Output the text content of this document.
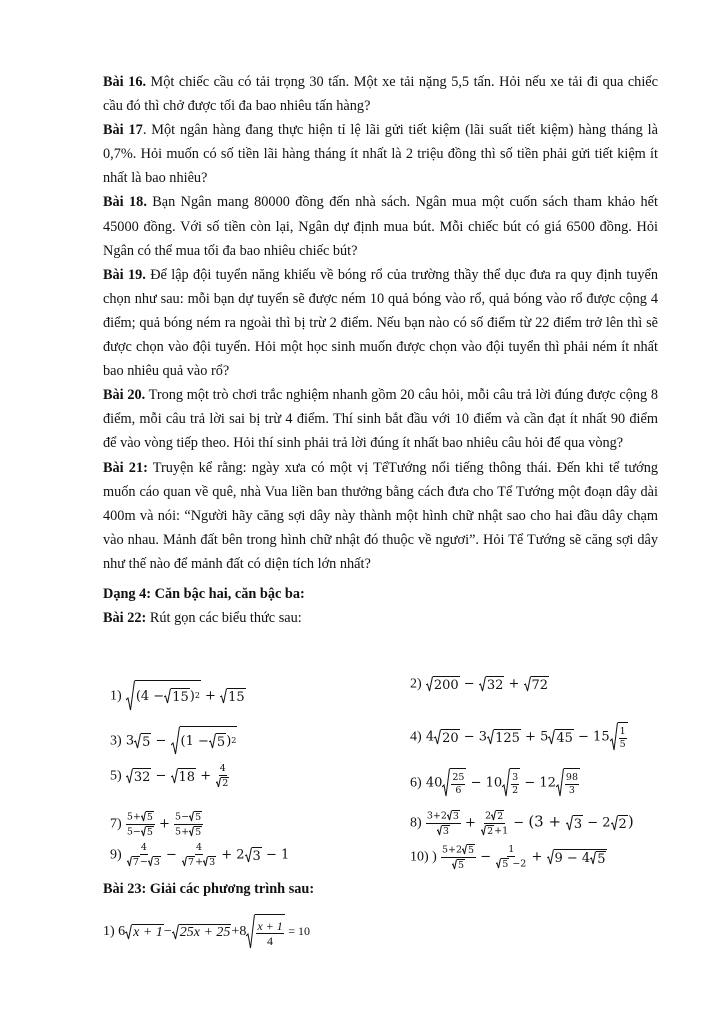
Bài 16. Một chiếc cầu có tải trọng 30 tấn. Một xe tải nặng 5,5 tấn. Hỏi nếu xe tải đi qua chiếc cầu đó thì chở được tối đa bao nhiêu tấn hàng?

Bài 17. Một ngân hàng đang thực hiện tỉ lệ lãi gửi tiết kiệm (lãi suất tiết kiệm) hàng tháng là 0,7%. Hỏi muốn có số tiền lãi hàng tháng ít nhất là 2 triệu đồng thì số tiền phải gửi tiết kiệm ít nhất là bao nhiêu?

Bài 18. Bạn Ngân mang 80000 đồng đến nhà sách. Ngân mua một cuốn sách tham khảo hết 45000 đồng. Với số tiền còn lại, Ngân dự định mua bút. Mỗi chiếc bút có giá 6500 đồng. Hỏi Ngân có thể mua tối đa bao nhiêu chiếc bút?

Bài 19. Để lập đội tuyển năng khiếu về bóng rổ của trường thầy thể dục đưa ra quy định tuyển chọn như sau: mỗi bạn dự tuyển sẽ được ném 10 quả bóng vào rổ, quả bóng vào rổ được cộng 4 điểm; quả bóng ném ra ngoài thì bị trừ 2 điểm. Nếu bạn nào có số điểm từ 22 điểm trở lên thì sẽ được chọn vào đội tuyển. Hỏi một học sinh muốn được chọn vào đội tuyển thì phải ném ít nhất bao nhiêu quả vào rổ?

Bài 20. Trong một trò chơi trắc nghiệm nhanh gồm 20 câu hỏi, mỗi câu trả lời đúng được cộng 8 điểm, mỗi câu trả lời sai bị trừ 4 điểm. Thí sinh bắt đầu với 10 điểm và cần đạt ít nhất 90 điểm để vào vòng tiếp theo. Hỏi thí sinh phải trả lời đúng ít nhất bao nhiêu câu hỏi để qua vòng?

Bài 21: Truyện kể rằng: ngày xưa có một vị TểTướng nổi tiếng thông thái. Đến khi tể tướng muốn cáo quan về quê, nhà Vua liền ban thưởng bằng cách đưa cho Tể Tướng một đoạn dây dài 400m và nói: “Người hãy căng sợi dây này thành một hình chữ nhật sao cho hai đầu dây chạm vào nhau. Mảnh đất bên trong hình chữ nhật đó thuộc về ngươi”. Hỏi Tể Tướng sẽ căng sợi dây như thế nào để mảnh đất có diện tích lớn nhất?

Dạng 4: Căn bậc hai, căn bậc ba:

Bài 22: Rút gọn các biểu thức sau:

1) ( 4 − 15 ) 2 + 15
2) 200 − 32 + 72
3) 3 5 − ( 1 − 5 ) 2	4) 4 20 − 3 125 + 5 $45 - 15 \frac{1}{5}$
5) $32 - 18 + \frac{4}{2}$	6) $40 \frac{25}{6} - 10 \frac{3}{2} - 12 \frac{98}{3}$
$7) \frac{5+ 5}{5- 5} + \frac{5- 5}{5+ 5}$	$8) \frac{3+2 3}{3} + \frac{2 2}{2 +1} - (3 + 3 - 2$ 2 )
$9) \frac{4}{7 - 3} - \frac{4}{7 + 3} + 2$ 3 − 1	10) ) $\frac{5+2 5}{5} - \frac{1}{5 -2} + 9 - 4$ 5
Bài 23: Giải các phương trình sau:
1) 6 $x + 1 - 25x + 25 +8 \frac{x + 1}{4} = 10$
